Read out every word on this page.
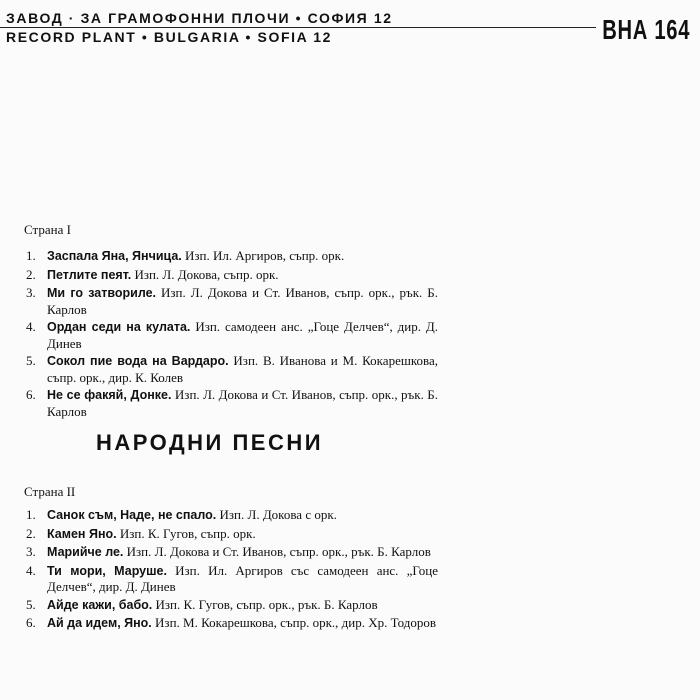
ЗАВОД · ЗА ГРАМОФОННИ ПЛОЧИ • СОФИЯ 12
RECORD PLANT • BULGARIA • SOFIA 12	ВНА 164
Страна I
1. Заспала Яна, Янчица. Изп. Ил. Аргиров, съпр. орк.
2. Петлите пеят. Изп. Л. Докова, съпр. орк.
3. Ми го затвориле. Изп. Л. Докова и Ст. Иванов, съпр. орк., рък. Б. Карлов
4. Ордан седи на кулата. Изп. самодеен анс. „Гоце Делчев“, дир. Д. Динев
5. Сокол пие вода на Вардаро. Изп. В. Иванова и М. Кокарешкова, съпр. орк., дир. К. Колев
6. Не се факяй, Донке. Изп. Л. Докова и Ст. Иванов, съпр. орк., рък. Б. Карлов
НАРОДНИ ПЕСНИ
Страна II
1. Санок съм, Наде, не спало. Изп. Л. Докова с орк.
2. Камен Яно. Изп. К. Гугов, съпр. орк.
3. Марийче ле. Изп. Л. Докова и Ст. Иванов, съпр. орк., рък. Б. Карлов
4. Ти мори, Маруше. Изп. Ил. Аргиров със самодеен анс. „Гоце Делчев“, дир. Д. Динев
5. Айде кажи, бабо. Изп. К. Гугов, съпр. орк., рък. Б. Карлов
6. Ай да идем, Яно. Изп. М. Кокарешкова, съпр. орк., дир. Хр. Тодоров
